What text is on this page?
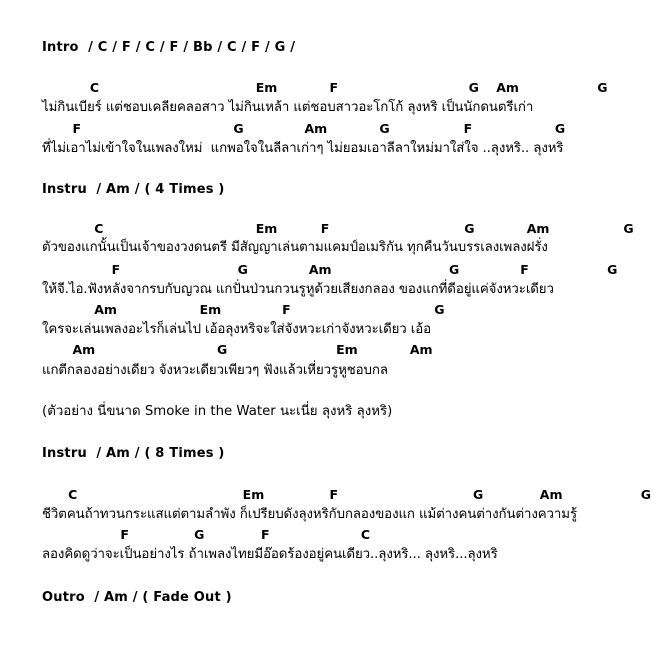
Intro  / C / F / C / F / Bb / C / F / G /
C                                    Em            F                              G    Am                  G
ไม่กินเบียร์ แต่ชอบเคลียคลอสาว ไม่กินเหล้า แต่ชอบสาวอะโกโก้ ลุงหริ เป็นนักดนตรีเก่า
F                                   G              Am            G                 F                   G
ที่ไม่เอาไม่เข้าใจในเพลงใหม่  แกพอใจในลีลาเก่าๆ ไม่ยอมเอาลีลาใหม่มาใส่ใจ ..ลุงหริ.. ลุงหริ
Instru  / Am / ( 4 Times )
C                                   Em          F                               G            Am                 G
ตัวของแกนั้นเป็นเจ้าของวงดนตรี มีสัญญาเล่นตามแคมป์อเมริกัน ทุกคืนวันบรรเลงเพลงฝรั่ง
F                           G              Am                           G              F                  G
ให้จี.ไอ.ฟังหลังจากรบกับญวณ แกปั่นป่วนกวนรูหูด้วยเสียงกลอง ของแกที่ดีอยู่แค่จังหวะเดียว
Am                   Em              F                                 G
ใครจะเล่นเพลงอะไรก็เล่นไป เอ้อลุงหริจะใส่จังหวะเก่าจังหวะเดียว เอ้อ
Am                            G                         Em            Am
แกตีกลองอย่างเดียว จังหวะเดียวเพียวๆ ฟังแล้วเหี่ยวรูหูชอบกล
(ตัวอย่าง นี่ขนาด Smoke in the Water นะเนี่ย ลุงหริ ลุงหริ)
Instru  / Am / ( 8 Times )
C                                      Em               F                               G             Am                  G
ชีวิตคนถ้าทวนกระแสแต่ตามลำพัง ก็เปรียบดังลุงหริกับกลองของแก แม้ต่างคนต่างกันต่างความรู้
F               G             F                     C
ลองคิดดูว่าจะเป็นอย่างไร ถ้าเพลงไทยมีอ๊อดร้องอยู่คนเดียว..ลุงหริ... ลุงหริ...ลุงหริ
Outro  / Am / ( Fade Out )
